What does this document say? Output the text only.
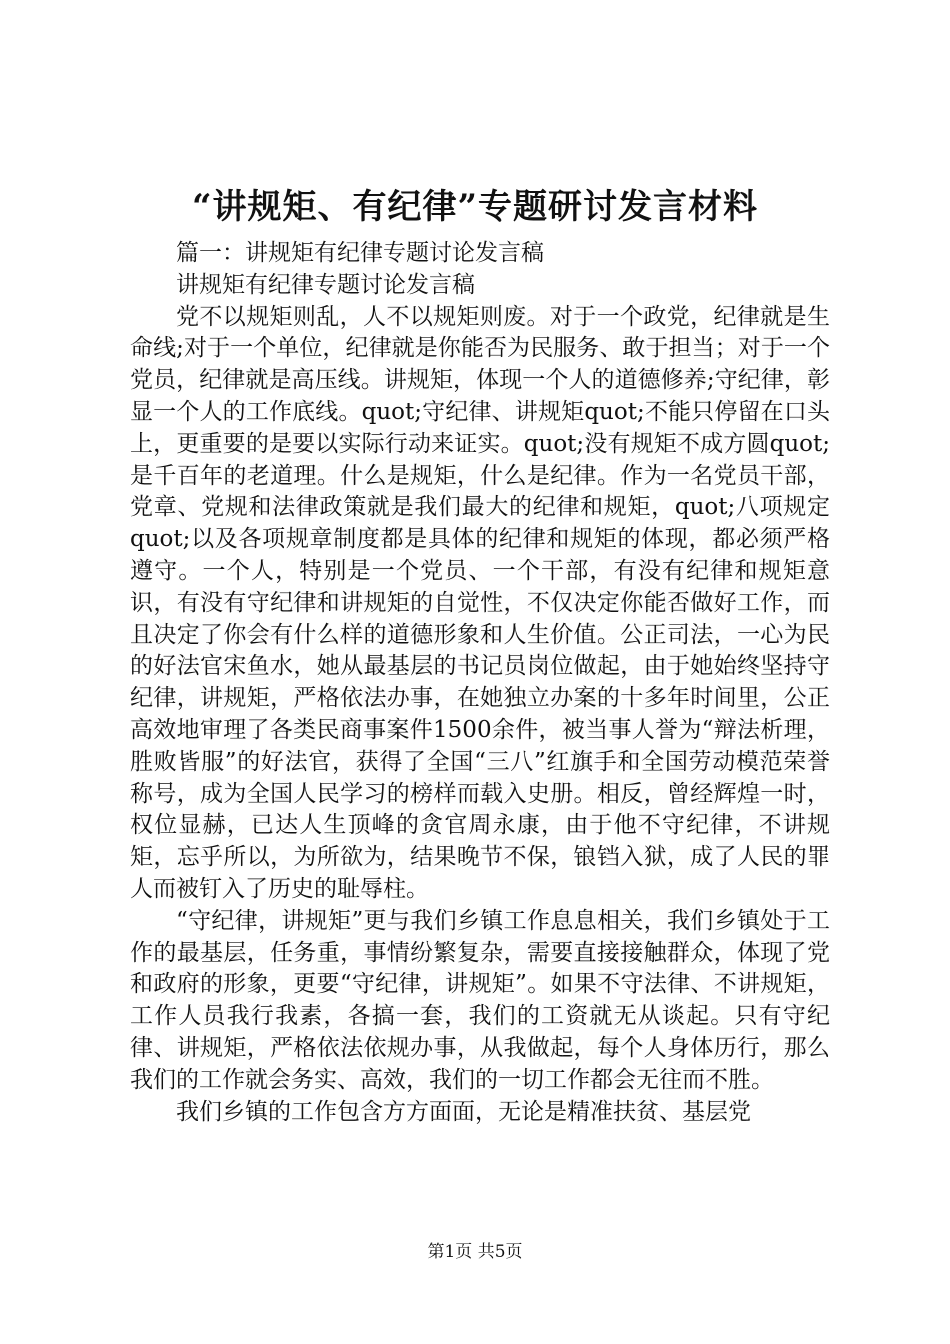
“讲规矩、有纪律”专题研讨发言材料

篇一：讲规矩有纪律专题讨论发言稿

讲规矩有纪律专题讨论发言稿

党不以规矩则乱，人不以规矩则废。对于一个政党，纪律就是生命线;对于一个单位，纪律就是你能否为民服务、敢于担当；对于一个党员，纪律就是高压线。讲规矩，体现一个人的道德修养;守纪律，彰显一个人的工作底线。quot;守纪律、讲规矩quot;不能只停留在口头上，更重要的是要以实际行动来证实。quot;没有规矩不成方圆quot;是千百年的老道理。什么是规矩，什么是纪律。作为一名党员干部，党章、党规和法律政策就是我们最大的纪律和规矩，quot;八项规定quot;以及各项规章制度都是具体的纪律和规矩的体现，都必须严格遵守。一个人，特别是一个党员、一个干部，有没有纪律和规矩意识，有没有守纪律和讲规矩的自觉性，不仅决定你能否做好工作，而且决定了你会有什么样的道德形象和人生价值。公正司法，一心为民的好法官宋鱼水，她从最基层的书记员岗位做起，由于她始终坚持守纪律，讲规矩，严格依法办事，在她独立办案的十多年时间里，公正高效地审理了各类民商事案件1500余件，被当事人誉为“辩法析理，胜败皆服”的好法官，获得了全国“三八”红旗手和全国劳动模范荣誉称号，成为全国人民学习的榜样而载入史册。相反，曾经辉煌一时，权位显赫，已达人生顶峰的贪官周永康，由于他不守纪律，不讲规矩，忘乎所以，为所欲为，结果晚节不保，锒铛入狱，成了人民的罪人而被钉入了历史的耻辱柱。

“守纪律，讲规矩”更与我们乡镇工作息息相关，我们乡镇处于工作的最基层，任务重，事情纷繁复杂，需要直接接触群众，体现了党和政府的形象，更要“守纪律，讲规矩”。如果不守法律、不讲规矩，工作人员我行我素，各搞一套，我们的工资就无从谈起。只有守纪律、讲规矩，严格依法依规办事，从我做起，每个人身体历行，那么我们的工作就会务实、高效，我们的一切工作都会无往而不胜。

我们乡镇的工作包含方方面面，无论是精准扶贫、基层党

第1页 共5页
